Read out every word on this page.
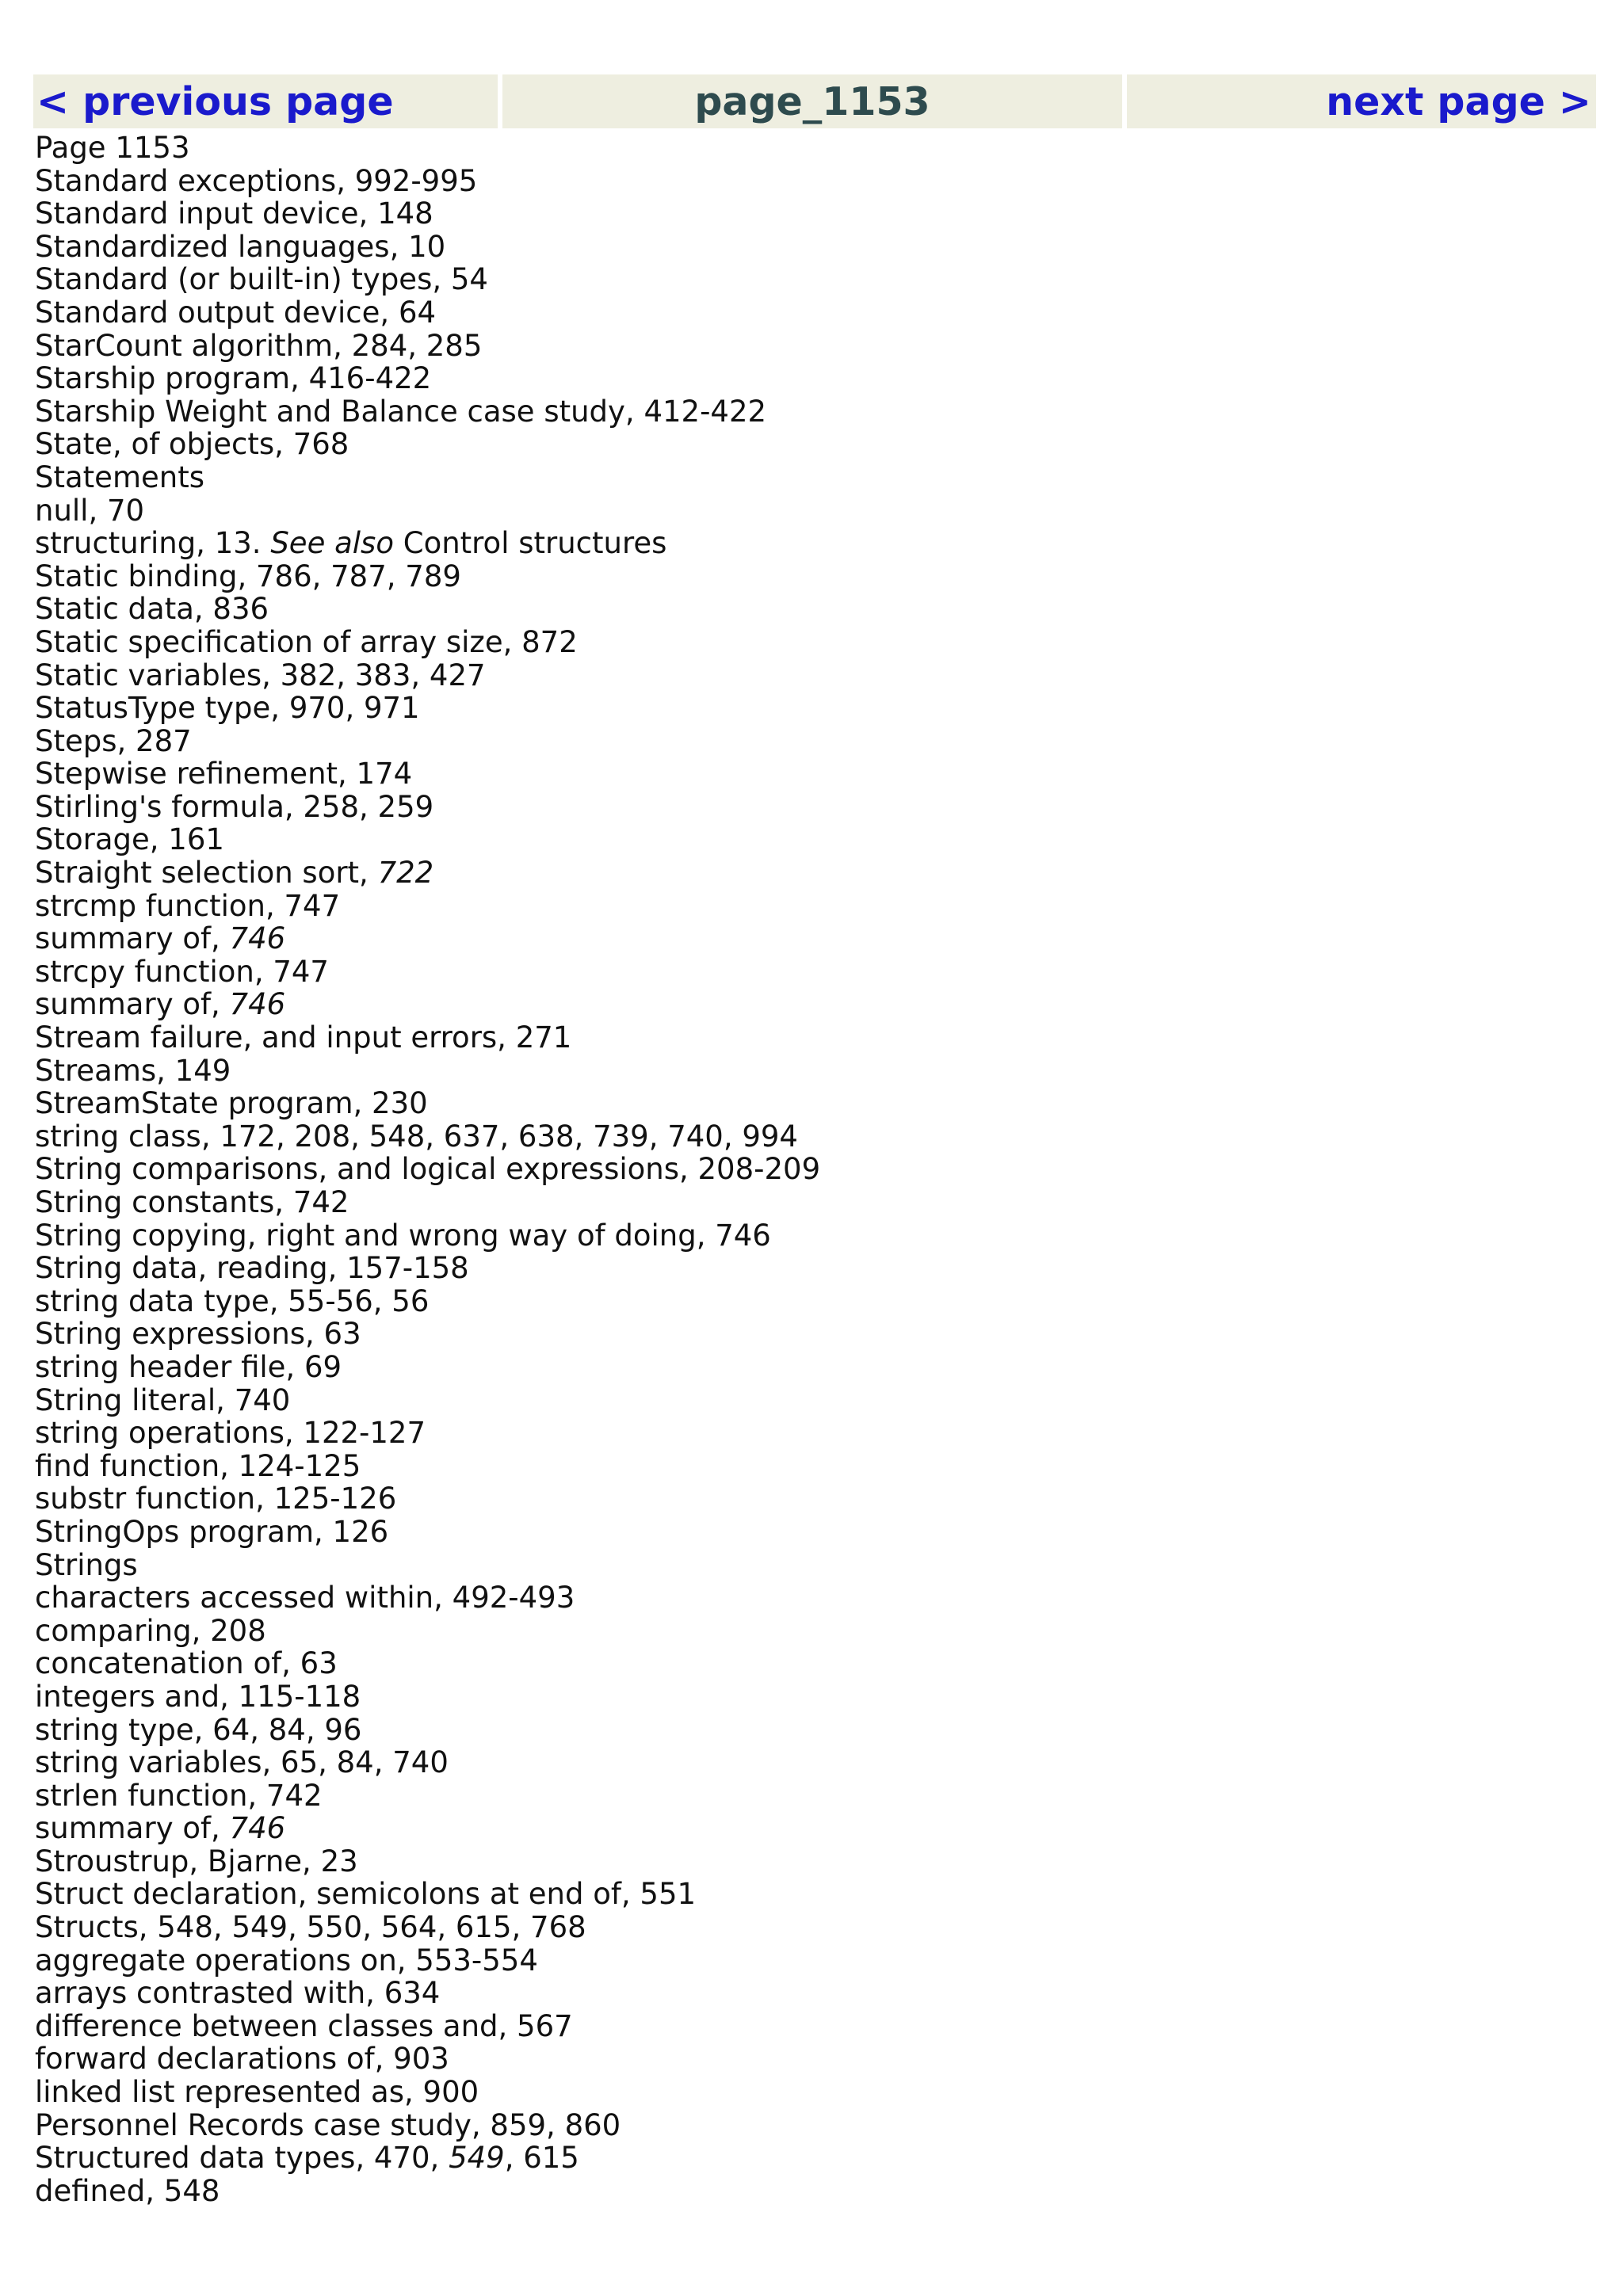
< previous page	page_1153	next page >
Page 1153
Standard exceptions, 992-995
Standard input device, 148
Standardized languages, 10
Standard (or built-in) types, 54
Standard output device, 64
StarCount algorithm, 284, 285
Starship program, 416-422
Starship Weight and Balance case study, 412-422
State, of objects, 768
Statements
null, 70
structuring, 13. See also Control structures
Static binding, 786, 787, 789
Static data, 836
Static specification of array size, 872
Static variables, 382, 383, 427
StatusType type, 970, 971
Steps, 287
Stepwise refinement, 174
Stirling's formula, 258, 259
Storage, 161
Straight selection sort, 722
strcmp function, 747
summary of, 746
strcpy function, 747
summary of, 746
Stream failure, and input errors, 271
Streams, 149
StreamState program, 230
string class, 172, 208, 548, 637, 638, 739, 740, 994
String comparisons, and logical expressions, 208-209
String constants, 742
String copying, right and wrong way of doing, 746
String data, reading, 157-158
string data type, 55-56, 56
String expressions, 63
string header file, 69
String literal, 740
string operations, 122-127
find function, 124-125
substr function, 125-126
StringOps program, 126
Strings
characters accessed within, 492-493
comparing, 208
concatenation of, 63
integers and, 115-118
string type, 64, 84, 96
string variables, 65, 84, 740
strlen function, 742
summary of, 746
Stroustrup, Bjarne, 23
Struct declaration, semicolons at end of, 551
Structs, 548, 549, 550, 564, 615, 768
aggregate operations on, 553-554
arrays contrasted with, 634
difference between classes and, 567
forward declarations of, 903
linked list represented as, 900
Personnel Records case study, 859, 860
Structured data types, 470, 549, 615
defined, 548
